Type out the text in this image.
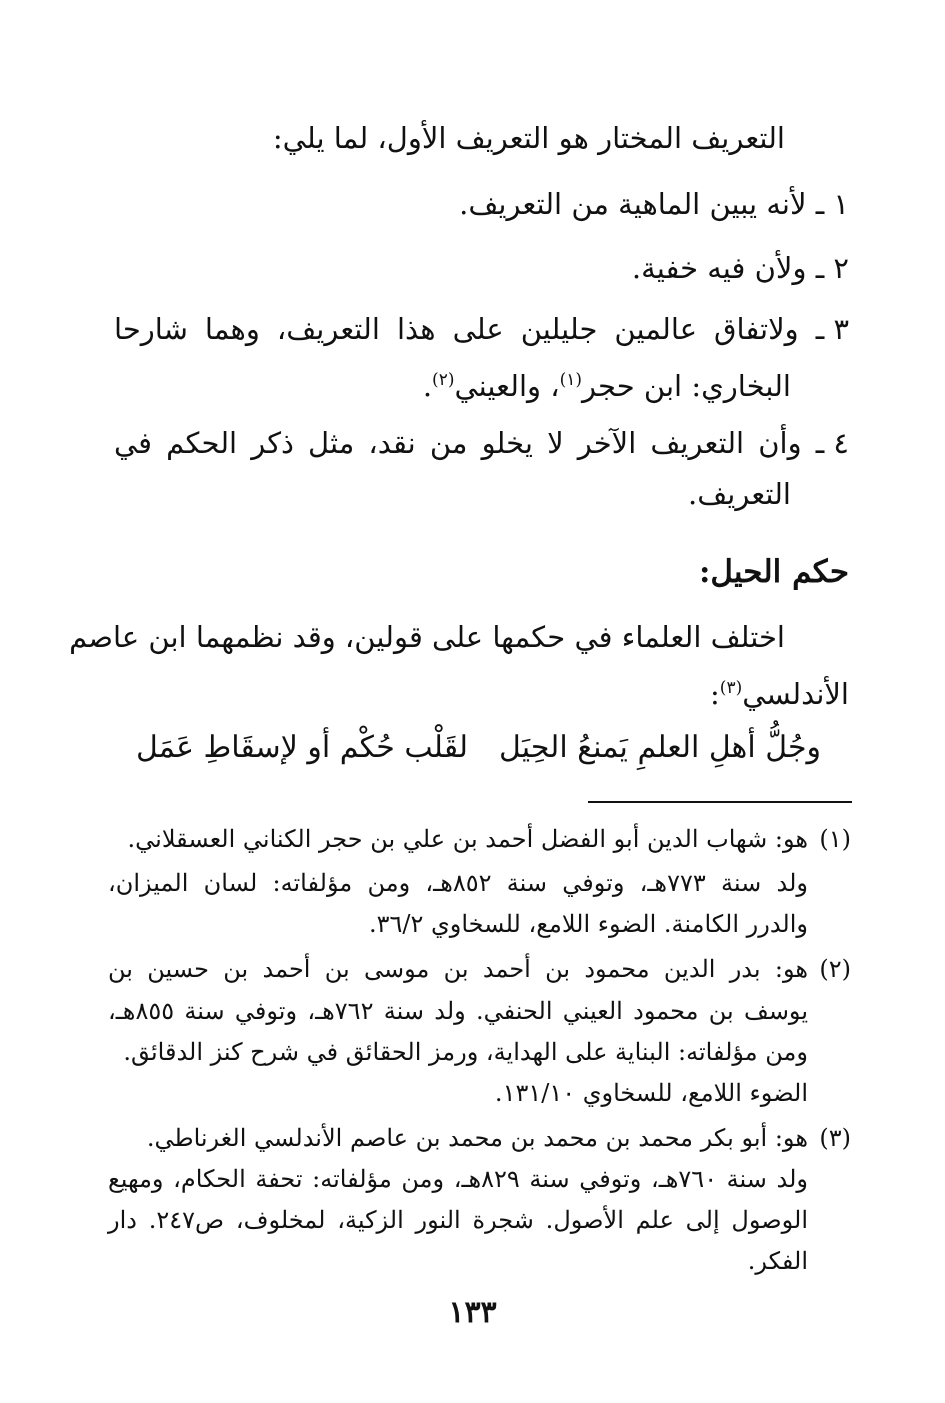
التعريف المختار هو التعريف الأول، لما يلي:
١ ـ لأنه يبين الماهية من التعريف.
٢ ـ ولأن فيه خفية.
٣ ـ ولاتفاق عالمين جليلين على هذا التعريف، وهما شارحا
البخاري: ابن حجر$^{(١)}$، والعيني$^{(٢)}$.
٤ ـ وأن التعريف الآخر لا يخلو من نقد، مثل ذكر الحكم في
التعريف.
حكم الحيل:
اختلف العلماء في حكمها على قولين، وقد نظمهما ابن عاصم
الأندلسي$^{(٣)}$:
وجُلُّ أهلِ العلمِ يَمنعُ الحِيَل
لقَلْب حُكْم أو لإسقَاطِ عَمَل
(١)
هو: شهاب الدين أبو الفضل أحمد بن علي بن حجر الكناني العسقلاني.
ولد سنة ٧٧٣هـ، وتوفي سنة ٨٥٢هـ، ومن مؤلفاته: لسان الميزان،
والدرر الكامنة. الضوء اللامع، للسخاوي ٣٦/٢.
(٢)
هو: بدر الدين محمود بن أحمد بن موسى بن أحمد بن حسين بن
يوسف بن محمود العيني الحنفي. ولد سنة ٧٦٢هـ، وتوفي سنة ٨٥٥هـ،
ومن مؤلفاته: البناية على الهداية، ورمز الحقائق في شرح كنز الدقائق.
الضوء اللامع، للسخاوي ١٣١/١٠.
(٣)
هو: أبو بكر محمد بن محمد بن محمد بن عاصم الأندلسي الغرناطي.
ولد سنة ٧٦٠هـ، وتوفي سنة ٨٢٩هـ، ومن مؤلفاته: تحفة الحكام، ومهيع
الوصول إلى علم الأصول. شجرة النور الزكية، لمخلوف، ص٢٤٧. دار
الفكر.
١٣٣
